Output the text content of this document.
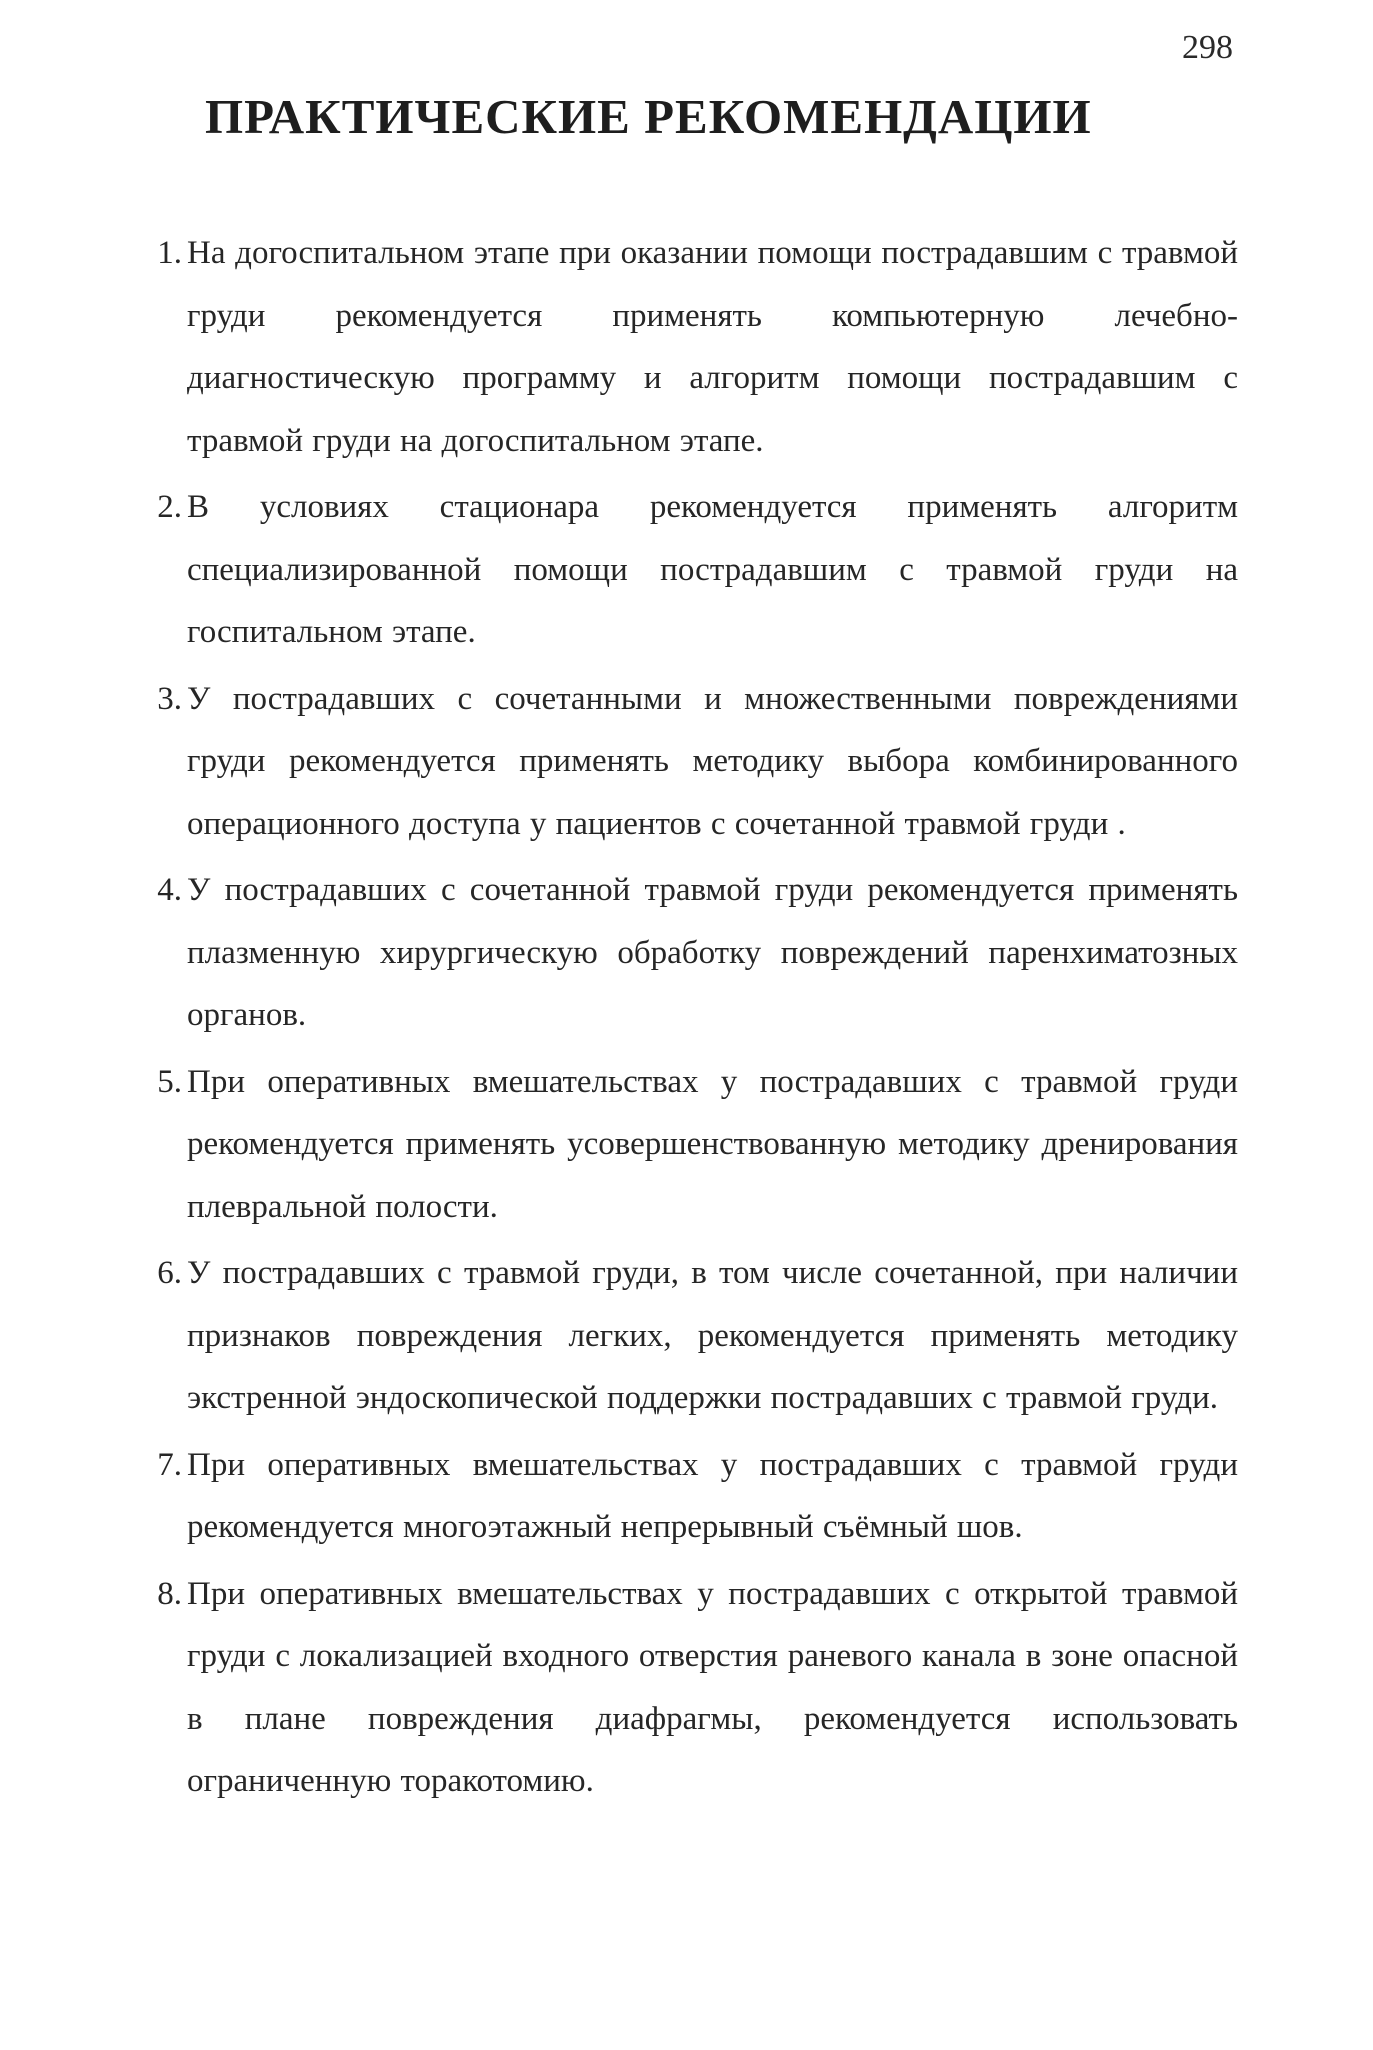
298
ПРАКТИЧЕСКИЕ РЕКОМЕНДАЦИИ
1. На догоспитальном этапе при оказании помощи пострадавшим с травмой груди рекомендуется применять компьютерную лечебно-диагностическую программу и алгоритм помощи пострадавшим с травмой груди на догоспитальном этапе.
2. В условиях стационара рекомендуется применять алгоритм специализированной помощи пострадавшим с травмой груди на госпитальном этапе.
3. У пострадавших с сочетанными и множественными повреждениями груди рекомендуется применять методику выбора комбинированного операционного доступа у пациентов с сочетанной травмой груди .
4. У пострадавших с сочетанной травмой груди рекомендуется применять плазменную хирургическую обработку повреждений паренхиматозных органов.
5. При оперативных вмешательствах у пострадавших с травмой груди рекомендуется применять усовершенствованную методику дренирования плевральной полости.
6. У пострадавших с травмой груди, в том числе сочетанной, при наличии признаков повреждения легких, рекомендуется применять методику экстренной эндоскопической поддержки пострадавших с травмой груди.
7. При оперативных вмешательствах у пострадавших с травмой груди рекомендуется многоэтажный непрерывный съёмный шов.
8. При оперативных вмешательствах у пострадавших с открытой травмой груди с локализацией входного отверстия раневого канала в зоне опасной в плане повреждения диафрагмы, рекомендуется использовать ограниченную торакотомию.
